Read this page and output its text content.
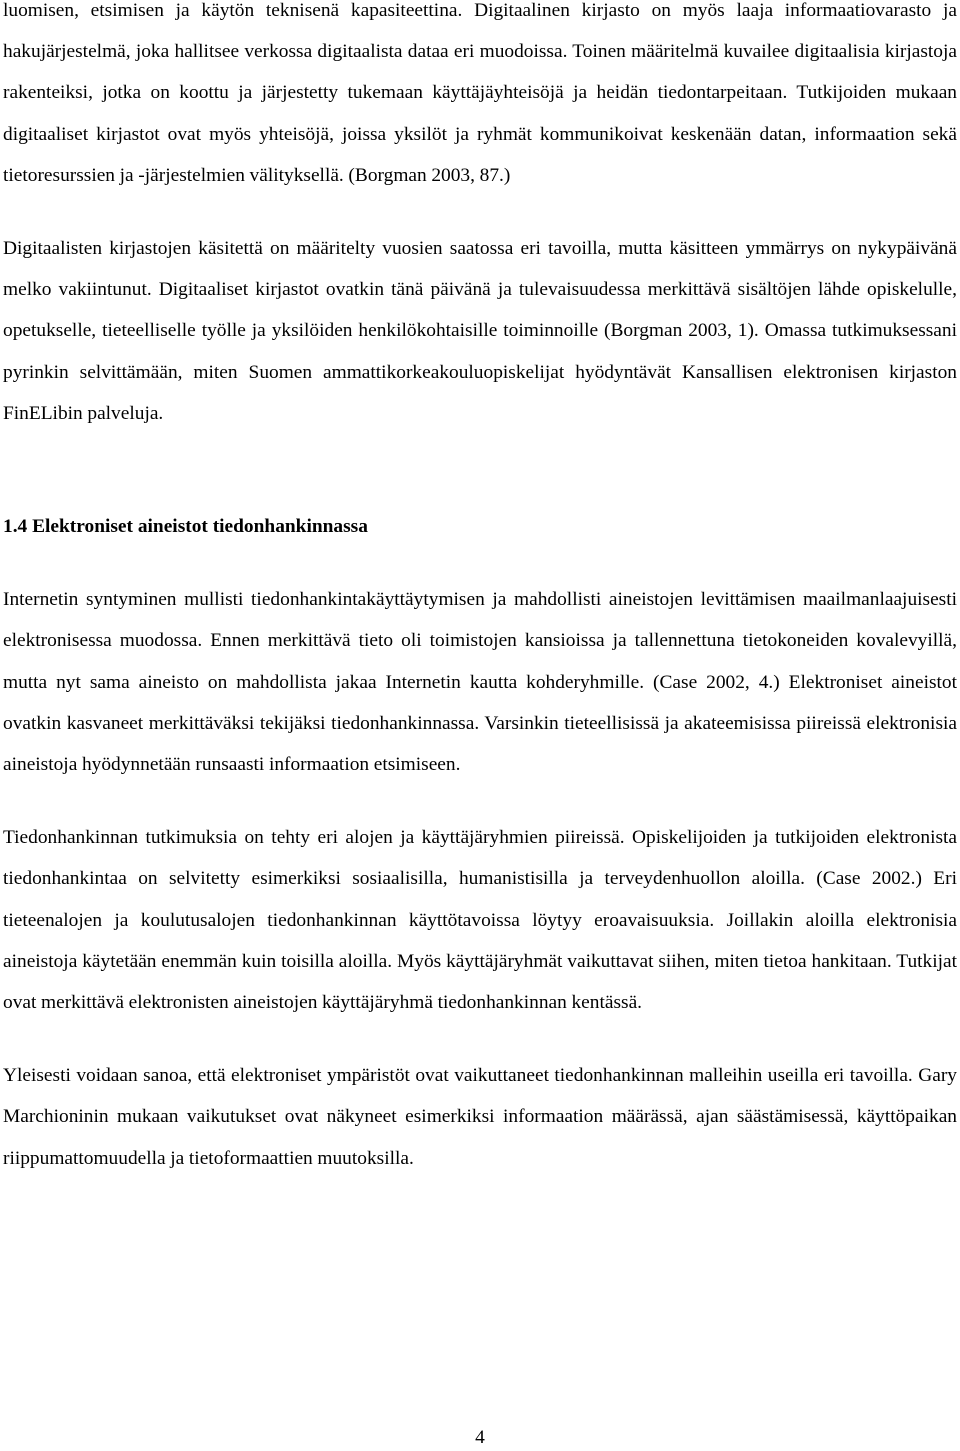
luomisen, etsimisen ja käytön teknisenä kapasiteettina. Digitaalinen kirjasto on myös laaja informaatiovarasto ja hakujärjestelmä, joka hallitsee verkossa digitaalista dataa eri muodoissa. Toinen määritelmä kuvailee digitaalisia kirjastoja rakenteiksi, jotka on koottu ja järjestetty tukemaan käyttäjäyhteisöjä ja heidän tiedontarpeitaan. Tutkijoiden mukaan digitaaliset kirjastot ovat myös yhteisöjä, joissa yksilöt ja ryhmät kommunikoivat keskenään datan, informaation sekä tietoresurssien ja -järjestelmien välityksellä. (Borgman 2003, 87.)

Digitaalisten kirjastojen käsitettä on määritelty vuosien saatossa eri tavoilla, mutta käsitteen ymmärrys on nykypäivänä melko vakiintunut. Digitaaliset kirjastot ovatkin tänä päivänä ja tulevaisuudessa merkittävä sisältöjen lähde opiskelulle, opetukselle, tieteelliselle työlle ja yksilöiden henkilökohtaisille toiminnoille (Borgman 2003, 1). Omassa tutkimuksessani pyrinkin selvittämään, miten Suomen ammattikorkeakouluopiskelijat hyödyntävät Kansallisen elektronisen kirjaston FinELibin palveluja.

1.4 Elektroniset aineistot tiedonhankinnassa

Internetin syntyminen mullisti tiedonhankintakäyttäytymisen ja mahdollisti aineistojen levittämisen maailmanlaajuisesti elektronisessa muodossa. Ennen merkittävä tieto oli toimistojen kansioissa ja tallennettuna tietokoneiden kovalevyillä, mutta nyt sama aineisto on mahdollista jakaa Internetin kautta kohderyhmille. (Case 2002, 4.) Elektroniset aineistot ovatkin kasvaneet merkittäväksi tekijäksi tiedonhankinnassa. Varsinkin tieteellisissä ja akateemisissa piireissä elektronisia aineistoja hyödynnetään runsaasti informaation etsimiseen.

Tiedonhankinnan tutkimuksia on tehty eri alojen ja käyttäjäryhmien piireissä. Opiskelijoiden ja tutkijoiden elektronista tiedonhankintaa on selvitetty esimerkiksi sosiaalisilla, humanistisilla ja terveydenhuollon aloilla. (Case 2002.) Eri tieteenalojen ja koulutusalojen tiedonhankinnan käyttötavoissa löytyy eroavaisuuksia. Joillakin aloilla elektronisia aineistoja käytetään enemmän kuin toisilla aloilla. Myös käyttäjäryhmät vaikuttavat siihen, miten tietoa hankitaan. Tutkijat ovat merkittävä elektronisten aineistojen käyttäjäryhmä tiedonhankinnan kentässä.

Yleisesti voidaan sanoa, että elektroniset ympäristöt ovat vaikuttaneet tiedonhankinnan malleihin useilla eri tavoilla. Gary Marchioninin mukaan vaikutukset ovat näkyneet esimerkiksi informaation määrässä, ajan säästämisessä, käyttöpaikan riippumattomuudella ja tietoformaattien muutoksilla.

4
